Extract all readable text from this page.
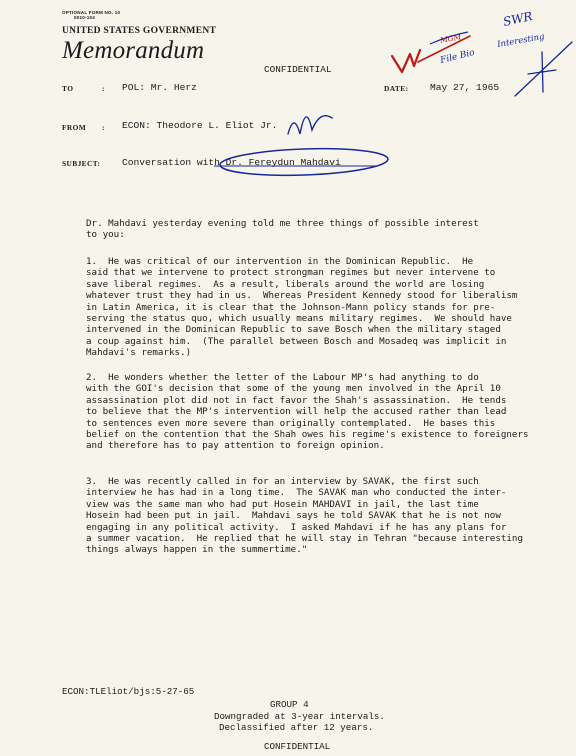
OPTIONAL FORM NO. 10
5010-104
UNITED STATES GOVERNMENT
Memorandum
CONFIDENTIAL
TO	: POL: Mr. Herz	DATE: May 27, 1965
FROM : ECON: Theodore L. Eliot Jr.
SUBJECT: Conversation with Dr. Fereydun Mahdavi
Dr. Mahdavi yesterday evening told me three things of possible interest
to you:
1.  He was critical of our intervention in the Dominican Republic.  He
said that we intervene to protect strongman regimes but never intervene to
save liberal regimes.  As a result, liberals around the world are losing
whatever trust they had in us.  Whereas President Kennedy stood for liberalism
in Latin America, it is clear that the Johnson-Mann policy stands for pre-
serving the status quo, which usually means military regimes.  We should have
intervened in the Dominican Republic to save Bosch when the military staged
a coup against him.  (The parallel between Bosch and Mosadeq was implicit in
Mahdavi's remarks.)
2.  He wonders whether the letter of the Labour MP's had anything to do
with the GOI's decision that some of the young men involved in the April 10
assassination plot did not in fact favor the Shah's assassination.  He tends
to believe that the MP's intervention will help the accused rather than lead
to sentences even more severe than originally contemplated.  He bases this
belief on the contention that the Shah owes his regime's existence to foreigners
and therefore has to pay attention to foreign opinion.
3.  He was recently called in for an interview by SAVAK, the first such
interview he has had in a long time.  The SAVAK man who conducted the inter-
view was the same man who had put Hosein MAHDAVI in jail, the last time
Hosein had been put in jail.  Mahdavi says he told SAVAK that he is not now
engaging in any political activity.  I asked Mahdavi if he has any plans for
a summer vacation.  He replied that he will stay in Tehran "because interesting
things always happen in the summertime."
ECON:TLEliot/bjs:5-27-65
GROUP 4
Downgraded at 3-year intervals.
Declassified after 12 years.
CONFIDENTIAL
SWR
Interesting
File Bio
MGM
